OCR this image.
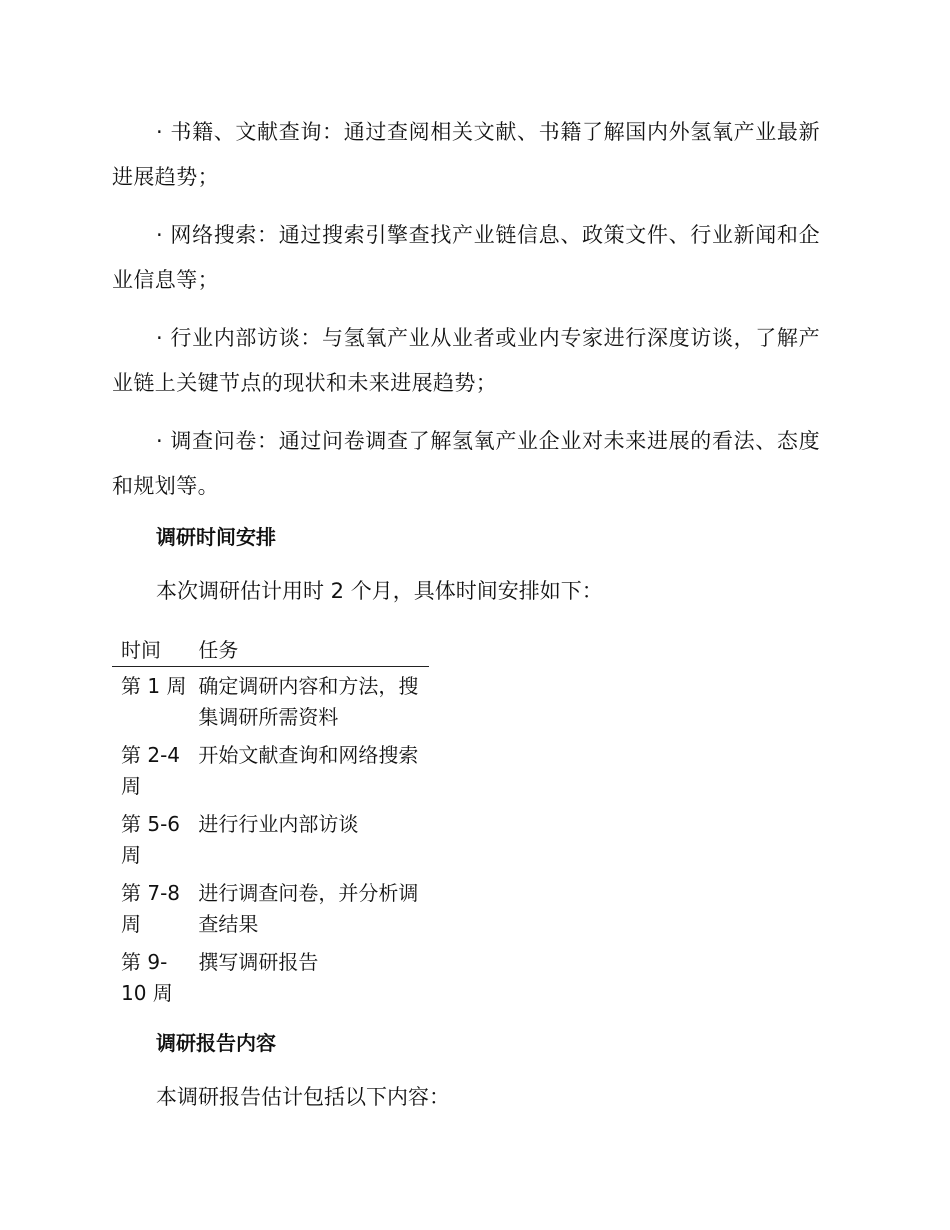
· 书籍、文献查询：通过查阅相关文献、书籍了解国内外氢氧产业最新进展趋势；

· 网络搜索：通过搜索引擎查找产业链信息、政策文件、行业新闻和企业信息等；

· 行业内部访谈：与氢氧产业从业者或业内专家进行深度访谈，了解产业链上关键节点的现状和未来进展趋势；

· 调查问卷：通过问卷调查了解氢氧产业企业对未来进展的看法、态度和规划等。

调研时间安排
本次调研估计用时 2 个月，具体时间安排如下：
时间	任务
第 1 周	确定调研内容和方法，搜集调研所需资料
第 2-4 周	开始文献查询和网络搜索
第 5-6 周	进行行业内部访谈
第 7-8 周	进行调查问卷，并分析调查结果
第 9-10 周	撰写调研报告
调研报告内容
本调研报告估计包括以下内容：
